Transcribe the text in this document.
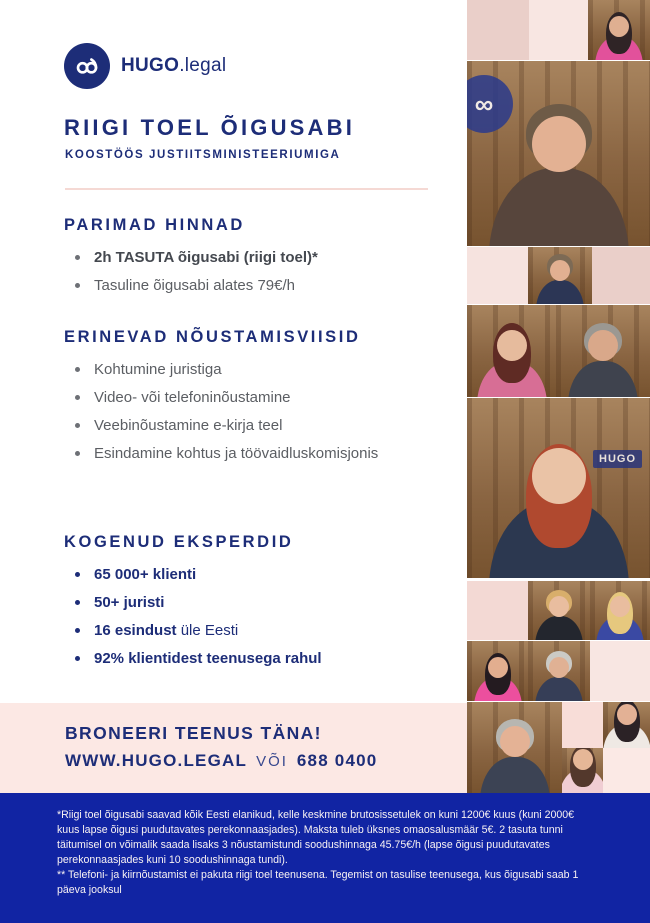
HUGO.legal
RIIGI TOEL ÕIGUSABI
KOOSTÖÖS JUSTIITSMINISTEERIUMIGA
PARIMAD HINNAD
2h TASUTA õigusabi (riigi toel)*
Tasuline õigusabi alates 79€/h
ERINEVAD NÕUSTAMISVIISID
Kohtumine juristiga
Video- või telefoninõustamine
Veebinõustamine e-kirja teel
Esindamine kohtus ja töövaidluskomisjonis
KOGENUD EKSPERDID
65 000+ klienti
50+ juristi
16 esindust üle Eesti
92% klientidest teenusega rahul
BRONEERI TEENUS TÄNA!
WWW.HUGO.LEGAL VÕI 688 0400

*Riigi toel õigusabi saavad kõik Eesti elanikud, kelle keskmine brutosissetulek on kuni 1200€ kuus (kuni 2000€ kuus lapse õigusi puudutavates perekonnaasjades). Maksta tuleb üksnes omaosalusmäär 5€. 2 tasuta tunni täitumisel on võimalik saada lisaks 3 nõustamistundi soodushinnaga 45.75€/h (lapse õigusi puudutavates perekonnaasjades kuni 10 soodushinnaga tundi).

** Telefoni- ja kiirnõustamist ei pakuta riigi toel teenusena. Tegemist on tasulise teenusega, kus õigusabi saab 1 päeva jooksul

∞
HUGO
